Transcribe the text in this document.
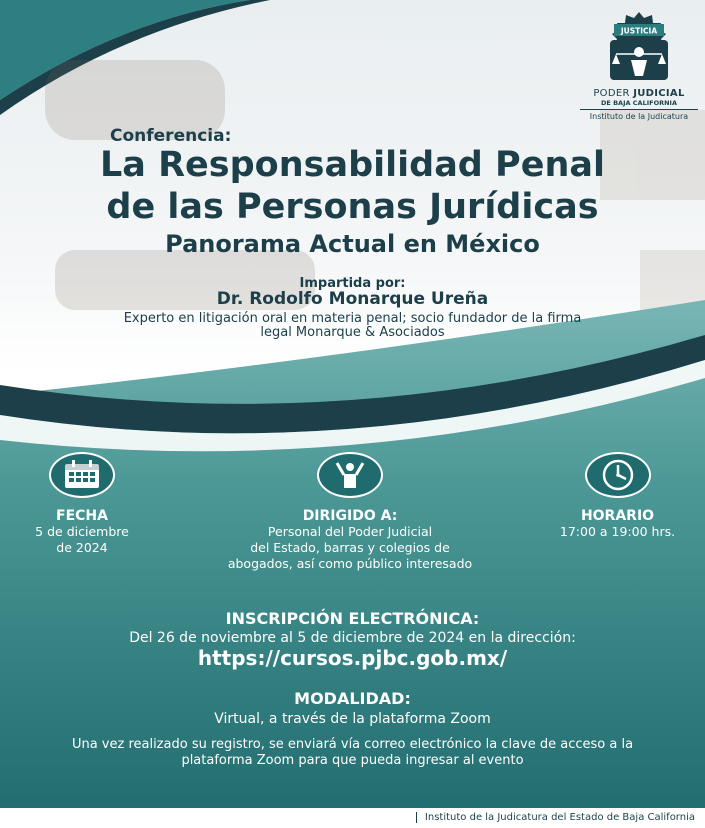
JUSTICIA
PODER JUDICIAL
DE BAJA CALIFORNIA
Instituto de la Judicatura
Conferencia:
La Responsabilidad Penal
de las Personas Jurídicas
Panorama Actual en México
Impartida por:
Dr. Rodolfo Monarque Ureña
Experto en litigación oral en materia penal; socio fundador de la firma
legal Monarque & Asociados
FECHA
5 de diciembre
de 2024
DIRIGIDO A:
Personal del Poder Judicial
del Estado, barras y colegios de
abogados, así como público interesado
HORARIO
17:00 a 19:00 hrs.
INSCRIPCIÓN ELECTRÓNICA:
Del 26 de noviembre al 5 de diciembre de 2024 en la dirección:
https://cursos.pjbc.gob.mx/
MODALIDAD:
Virtual, a través de la plataforma Zoom
Una vez realizado su registro, se enviará vía correo electrónico la clave de acceso a la
plataforma Zoom para que pueda ingresar al evento
Instituto de la Judicatura del Estado de Baja California
